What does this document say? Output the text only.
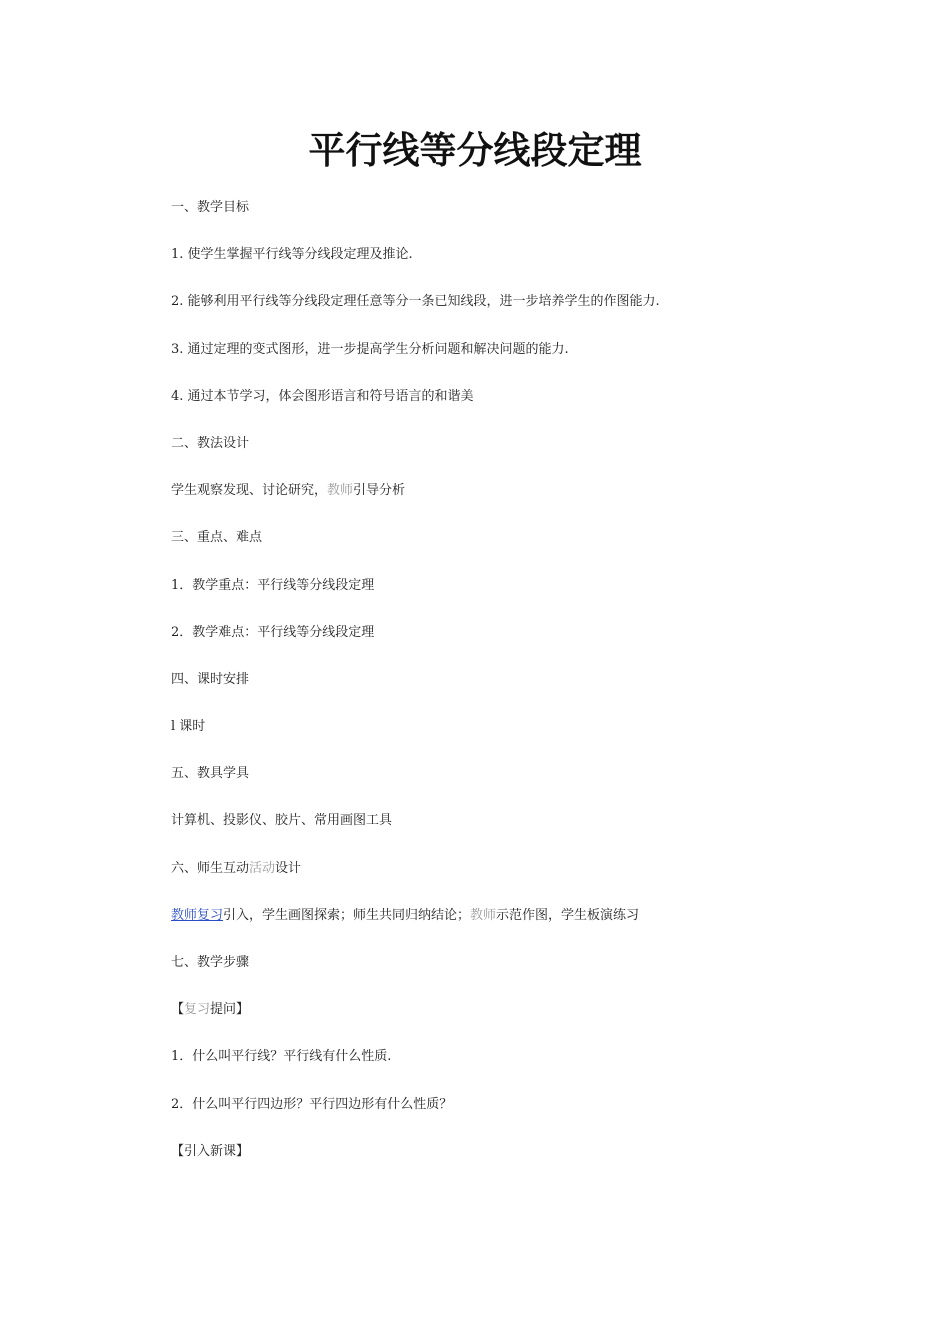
平行线等分线段定理

一、教学目标

1. 使学生掌握平行线等分线段定理及推论.

2. 能够利用平行线等分线段定理任意等分一条已知线段，进一步培养学生的作图能力.

3. 通过定理的变式图形，进一步提高学生分析问题和解决问题的能力.

4. 通过本节学习，体会图形语言和符号语言的和谐美

二、教法设计

学生观察发现、讨论研究，教师引导分析

三、重点、难点

1．教学重点：平行线等分线段定理

2．教学难点：平行线等分线段定理

四、课时安排

l 课时

五、教具学具

计算机、投影仪、胶片、常用画图工具

六、师生互动活动设计

教师复习引入，学生画图探索；师生共同归纳结论；教师示范作图，学生板演练习

七、教学步骤

【复习提问】

1．什么叫平行线？平行线有什么性质.

2．什么叫平行四边形？平行四边形有什么性质？

【引入新课】
